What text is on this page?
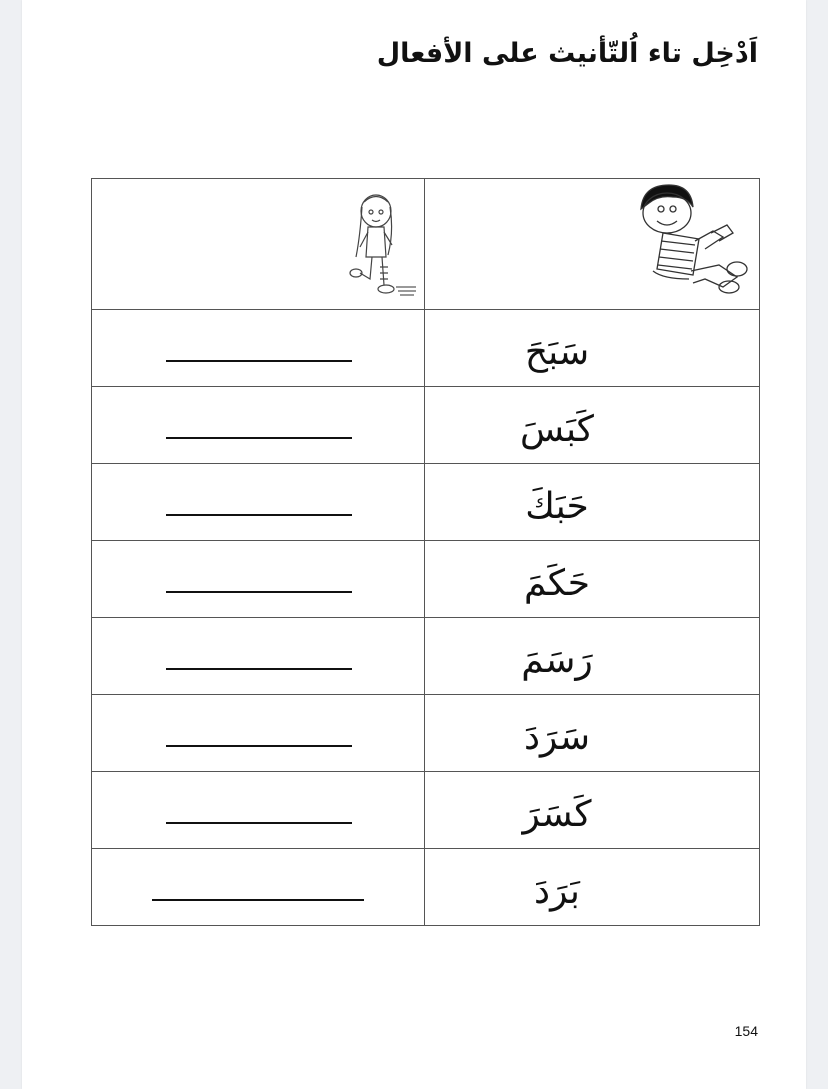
اَدْخِل تاء اُلتّأنيث على الأفعال

	سَبَحَ

	كَبَسَ

	حَبَكَ

	حَكَمَ

	رَسَمَ

	سَرَدَ

	كَسَرَ

	بَرَدَ
154
